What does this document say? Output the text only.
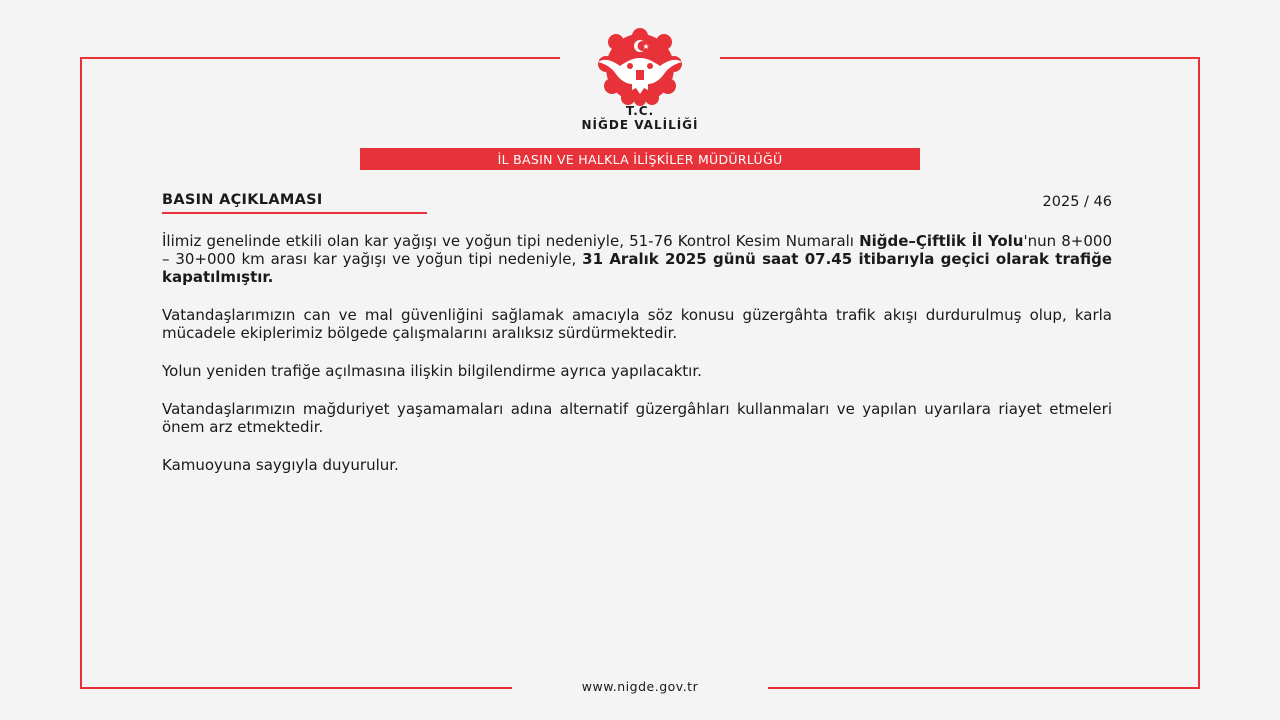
T.C.
NİĞDE VALİLİĞİ
İL BASIN VE HALKLA İLİŞKİLER MÜDÜRLÜĞÜ
BASIN AÇIKLAMASI	2025 / 46

İlimiz genelinde etkili olan kar yağışı ve yoğun tipi nedeniyle, 51-76 Kontrol Kesim Numaralı Niğde–Çiftlik İl Yolu'nun 8+000 – 30+000 km arası kar yağışı ve yoğun tipi nedeniyle, 31 Aralık 2025 günü saat 07.45 itibarıyla geçici olarak trafiğe kapatılmıştır.

Vatandaşlarımızın can ve mal güvenliğini sağlamak amacıyla söz konusu güzergâhta trafik akışı durdurulmuş olup, karla mücadele ekiplerimiz bölgede çalışmalarını aralıksız sürdürmektedir.

Yolun yeniden trafiğe açılmasına ilişkin bilgilendirme ayrıca yapılacaktır.

Vatandaşlarımızın mağduriyet yaşamamaları adına alternatif güzergâhları kullanmaları ve yapılan uyarılara riayet etmeleri önem arz etmektedir.

Kamuoyuna saygıyla duyurulur.

www.nigde.gov.tr
